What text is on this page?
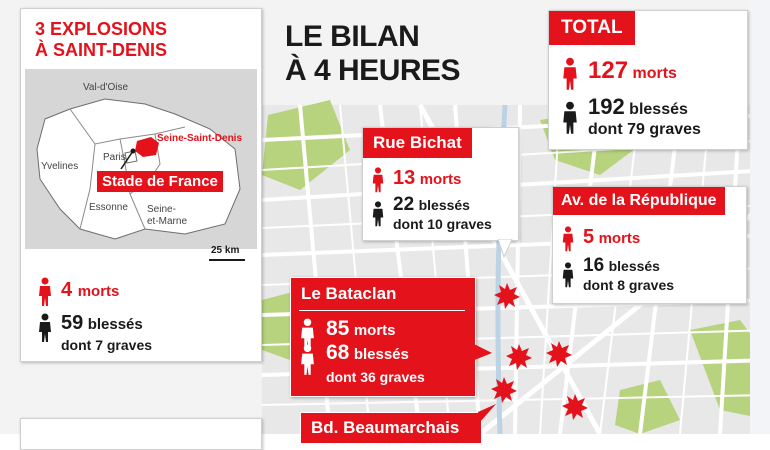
LE BILAN
À 4 HEURES
3 EXPLOSIONS
À SAINT-DENIS
Val-d'Oise
Seine-Saint-Denis
Yvelines
Paris
Stade de France
Essonne Seine-
et-Marne
25 km
4 morts
59 blessés
dont 7 graves
TOTAL
127 morts
192 blessés
dont 79 graves
Rue Bichat
13 morts
22 blessés
dont 10 graves
Av. de la République
5 morts
16 blessés
dont 8 graves
Le Bataclan
85 morts
68 blessés
dont 36 graves
Bd. Beaumarchais
